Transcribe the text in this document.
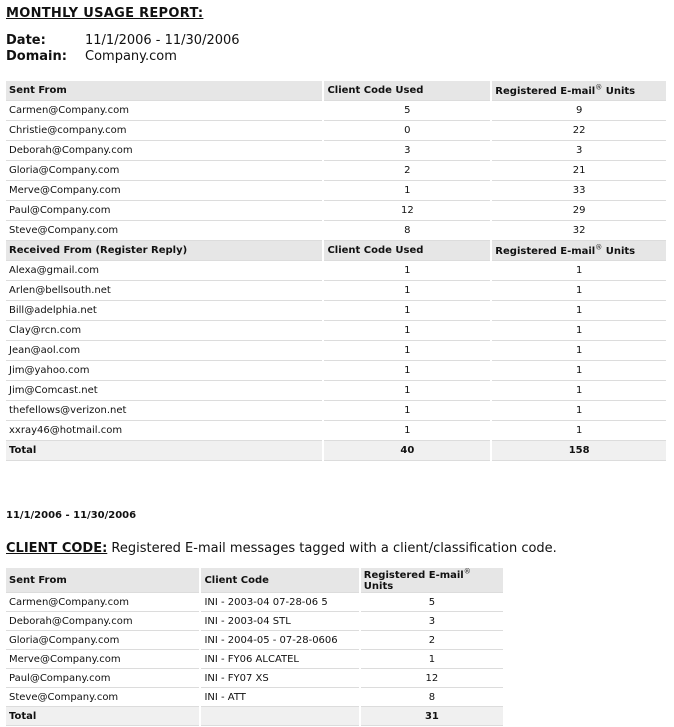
MONTHLY USAGE REPORT:
Date:	11/1/2006 - 11/30/2006
Domain: Company.com
Sent From	Client Code Used	Registered E-mail® Units
Carmen@Company.com	5	9
Christie@company.com	0	22
Deborah@Company.com	3	3
Gloria@Company.com	2	21
Merve@Company.com	1	33
Paul@Company.com	12	29
Steve@Company.com	8	32
Received From (Register Reply)	Client Code Used	Registered E-mail® Units
Alexa@gmail.com	1	1
Arlen@bellsouth.net	1	1
Bill@adelphia.net	1	1
Clay@rcn.com	1	1
Jean@aol.com	1	1
Jim@yahoo.com	1	1
Jim@Comcast.net	1	1
thefellows@verizon.net	1	1
xxray46@hotmail.com	1	1
Total	40	158
11/1/2006 - 11/30/2006
CLIENT CODE: Registered E-mail messages tagged with a client/classification code.
Sent From	Client Code	Registered E-mail® Units
Carmen@Company.com	INI - 2003-04 07-28-06 5	5
Deborah@Company.com	INI - 2003-04 STL	3
Gloria@Company.com	INI - 2004-05 - 07-28-0606	2
Merve@Company.com	INI - FY06 ALCATEL	1
Paul@Company.com	INI - FY07 XS	12
Steve@Company.com	INI - ATT	8
Total		31
